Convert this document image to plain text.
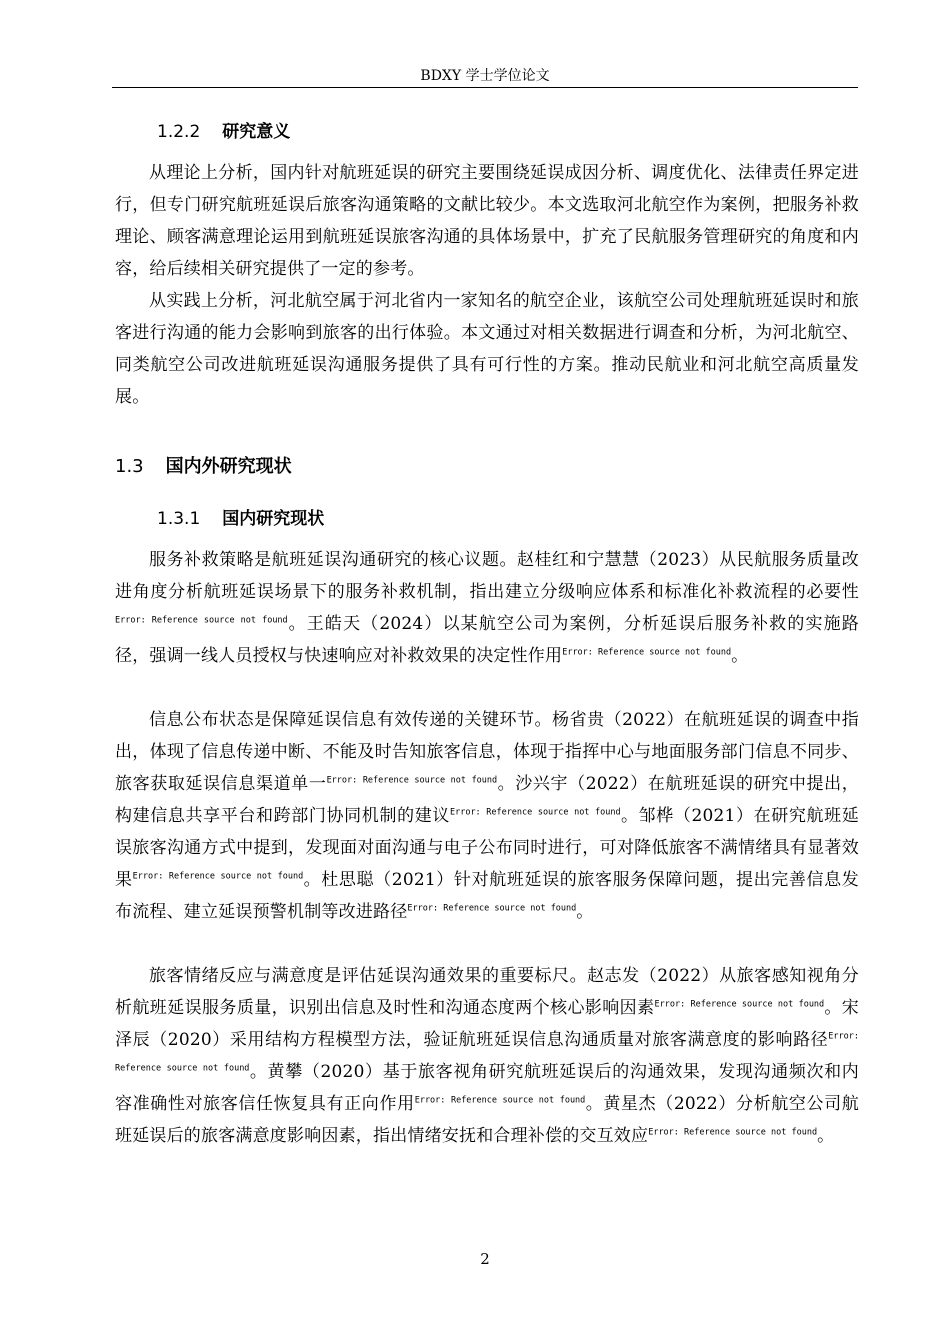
BDXY 学士学位论文
1.2.2 研究意义

从理论上分析，国内针对航班延误的研究主要围绕延误成因分析、调度优化、法律责任界定进行，但专门研究航班延误后旅客沟通策略的文献比较少。本文选取河北航空作为案例，把服务补救理论、顾客满意理论运用到航班延误旅客沟通的具体场景中，扩充了民航服务管理研究的角度和内容，给后续相关研究提供了一定的参考。

从实践上分析，河北航空属于河北省内一家知名的航空企业，该航空公司处理航班延误时和旅客进行沟通的能力会影响到旅客的出行体验。本文通过对相关数据进行调查和分析，为河北航空、同类航空公司改进航班延误沟通服务提供了具有可行性的方案。推动民航业和河北航空高质量发展。

1.3 国内外研究现状
1.3.1 国内研究现状

服务补救策略是航班延误沟通研究的核心议题。赵桂红和宁慧慧（2023）从民航服务质量改进角度分析航班延误场景下的服务补救机制，指出建立分级响应体系和标准化补救流程的必要性$^{Error: Reference source not found}$。王皓天（2024）以某航空公司为案例，分析延误后服务补救的实施路径，强调一线人员授权与快速响应对补救效果的决定性作用$^{Error: Reference source not found}$。

信息公布状态是保障延误信息有效传递的关键环节。杨省贵（2022）在航班延误的调查中指出，体现了信息传递中断、不能及时告知旅客信息，体现于指挥中心与地面服务部门信息不同步、旅客获取延误信息渠道单一$^{Error: Reference source not found}$。沙兴宇（2022）在航班延误的研究中提出，构建信息共享平台和跨部门协同机制的建议$^{Error: Reference source not found}$。邹桦（2021）在研究航班延误旅客沟通方式中提到，发现面对面沟通与电子公布同时进行，可对降低旅客不满情绪具有显著效果$^{Error: Reference source not found}$。杜思聪（2021）针对航班延误的旅客服务保障问题，提出完善信息发布流程、建立延误预警机制等改进路径$^{Error: Reference source not found}$。

旅客情绪反应与满意度是评估延误沟通效果的重要标尺。赵志发（2022）从旅客感知视角分析航班延误服务质量，识别出信息及时性和沟通态度两个核心影响因素$^{Error: Reference source not found}$。宋泽辰（2020）采用结构方程模型方法，验证航班延误信息沟通质量对旅客满意度的影响路径$^{Error: Reference source not found}$。黄攀（2020）基于旅客视角研究航班延误后的沟通效果，发现沟通频次和内容准确性对旅客信任恢复具有正向作用$^{Error: Reference source not found}$。黄星杰（2022）分析航空公司航班延误后的旅客满意度影响因素，指出情绪安抚和合理补偿的交互效应$^{Error: Reference source not found}$。

2
